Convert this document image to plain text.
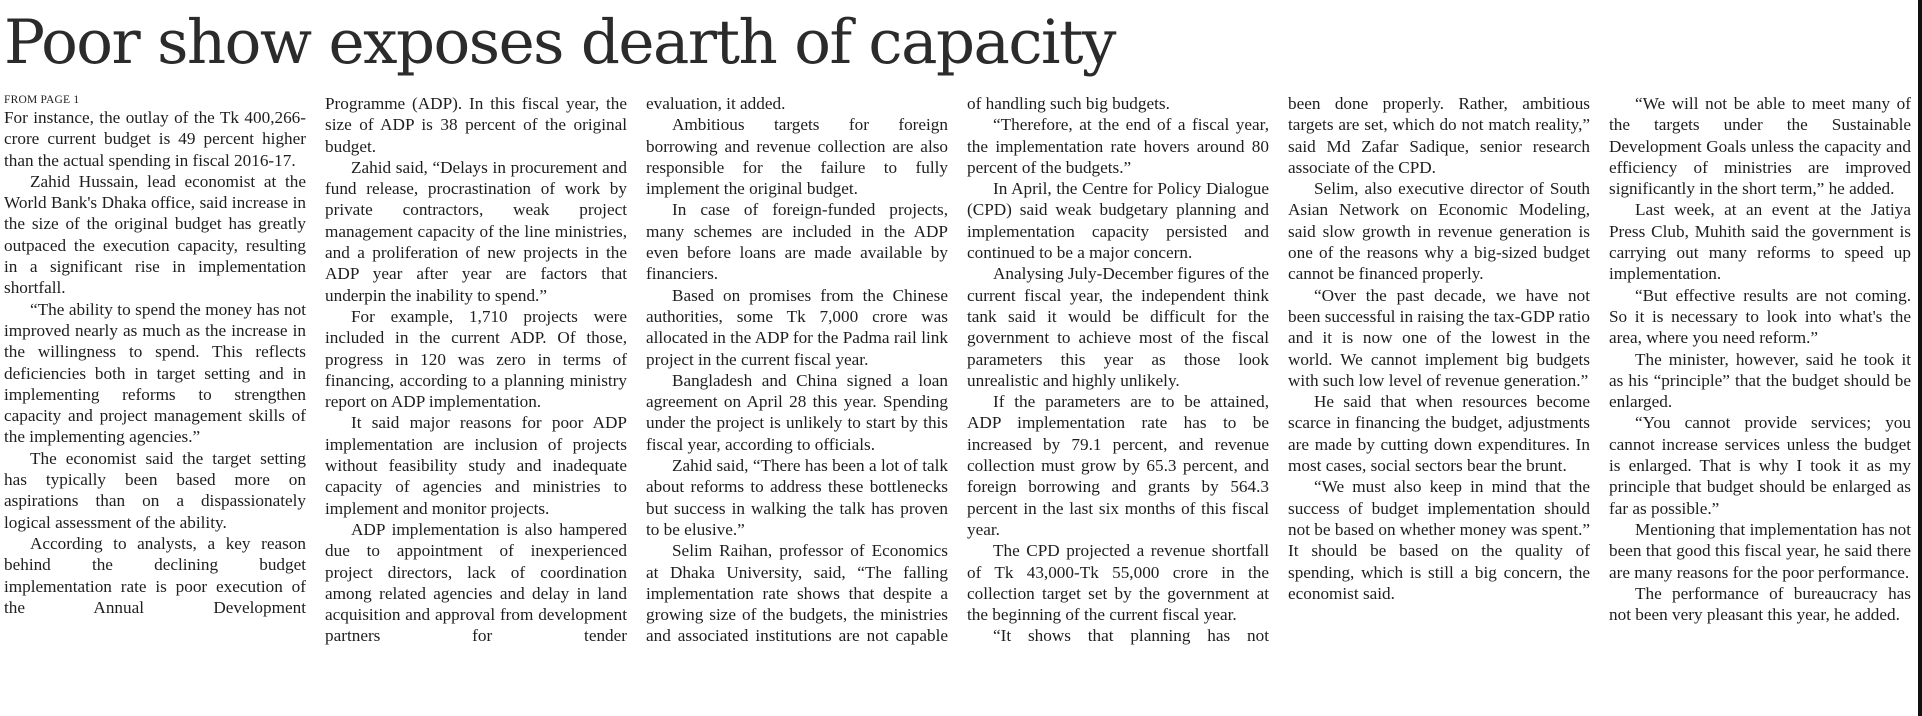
Poor show exposes dearth of capacity
FROM PAGE 1

For instance, the outlay of the Tk 400,266-crore current budget is 49 percent higher than the actual spending in fiscal 2016-17.

Zahid Hussain, lead economist at the World Bank's Dhaka office, said increase in the size of the original budget has greatly outpaced the execution capacity, resulting in a significant rise in implementation shortfall.

“The ability to spend the money has not improved nearly as much as the increase in the willingness to spend. This reflects deficiencies both in target setting and in implementing reforms to strengthen capacity and project management skills of the implementing agencies.”

The economist said the target setting has typically been based more on aspirations than on a dispassionately logical assessment of the ability.

According to analysts, a key reason behind the declining budget implementation rate is poor execution of the Annual Development

Programme (ADP). In this fiscal year, the size of ADP is 38 percent of the original budget.

Zahid said, “Delays in procurement and fund release, procrastination of work by private contractors, weak project management capacity of the line ministries, and a proliferation of new projects in the ADP year after year are factors that underpin the inability to spend.”

For example, 1,710 projects were included in the current ADP. Of those, progress in 120 was zero in terms of financing, according to a planning ministry report on ADP implementation.

It said major reasons for poor ADP implementation are inclusion of projects without feasibility study and inadequate capacity of agencies and ministries to implement and monitor projects.

ADP implementation is also hampered due to appointment of inexperienced project directors, lack of coordination among related agencies and delay in land acquisition and approval from development partners for tender

evaluation, it added.

Ambitious targets for foreign borrowing and revenue collection are also responsible for the failure to fully implement the original budget.

In case of foreign-funded projects, many schemes are included in the ADP even before loans are made available by financiers.

Based on promises from the Chinese authorities, some Tk 7,000 crore was allocated in the ADP for the Padma rail link project in the current fiscal year.

Bangladesh and China signed a loan agreement on April 28 this year. Spending under the project is unlikely to start by this fiscal year, according to officials.

Zahid said, “There has been a lot of talk about reforms to address these bottlenecks but success in walking the talk has proven to be elusive.”

Selim Raihan, professor of Economics at Dhaka University, said, “The falling implementation rate shows that despite a growing size of the budgets, the ministries and associated institutions are not capable

of handling such big budgets.

“Therefore, at the end of a fiscal year, the implementation rate hovers around 80 percent of the budgets.”

In April, the Centre for Policy Dialogue (CPD) said weak budgetary planning and implementation capacity persisted and continued to be a major concern.

Analysing July-December figures of the current fiscal year, the independent think tank said it would be difficult for the government to achieve most of the fiscal parameters this year as those look unrealistic and highly unlikely.

If the parameters are to be attained, ADP implementation rate has to be increased by 79.1 percent, and revenue collection must grow by 65.3 percent, and foreign borrowing and grants by 564.3 percent in the last six months of this fiscal year.

The CPD projected a revenue shortfall of Tk 43,000-Tk 55,000 crore in the collection target set by the government at the beginning of the current fiscal year.

“It shows that planning has not

been done properly. Rather, ambitious targets are set, which do not match reality,” said Md Zafar Sadique, senior research associate of the CPD.

Selim, also executive director of South Asian Network on Economic Modeling, said slow growth in revenue generation is one of the reasons why a big-sized budget cannot be financed properly.

“Over the past decade, we have not been successful in raising the tax-GDP ratio and it is now one of the lowest in the world. We cannot implement big budgets with such low level of revenue generation.”

He said that when resources become scarce in financing the budget, adjustments are made by cutting down expenditures. In most cases, social sectors bear the brunt.

“We must also keep in mind that the success of budget implementation should not be based on whether money was spent.” It should be based on the quality of spending, which is still a big concern, the economist said.

“We will not be able to meet many of the targets under the Sustainable Development Goals unless the capacity and efficiency of ministries are improved significantly in the short term,” he added.

Last week, at an event at the Jatiya Press Club, Muhith said the government is carrying out many reforms to speed up implementation.

“But effective results are not coming. So it is necessary to look into what's the area, where you need reform.”

The minister, however, said he took it as his “principle” that the budget should be enlarged.

“You cannot provide services; you cannot increase services unless the budget is enlarged. That is why I took it as my principle that budget should be enlarged as far as possible.”

Mentioning that implementation has not been that good this fiscal year, he said there are many reasons for the poor performance.

The performance of bureaucracy has not been very pleasant this year, he added.
